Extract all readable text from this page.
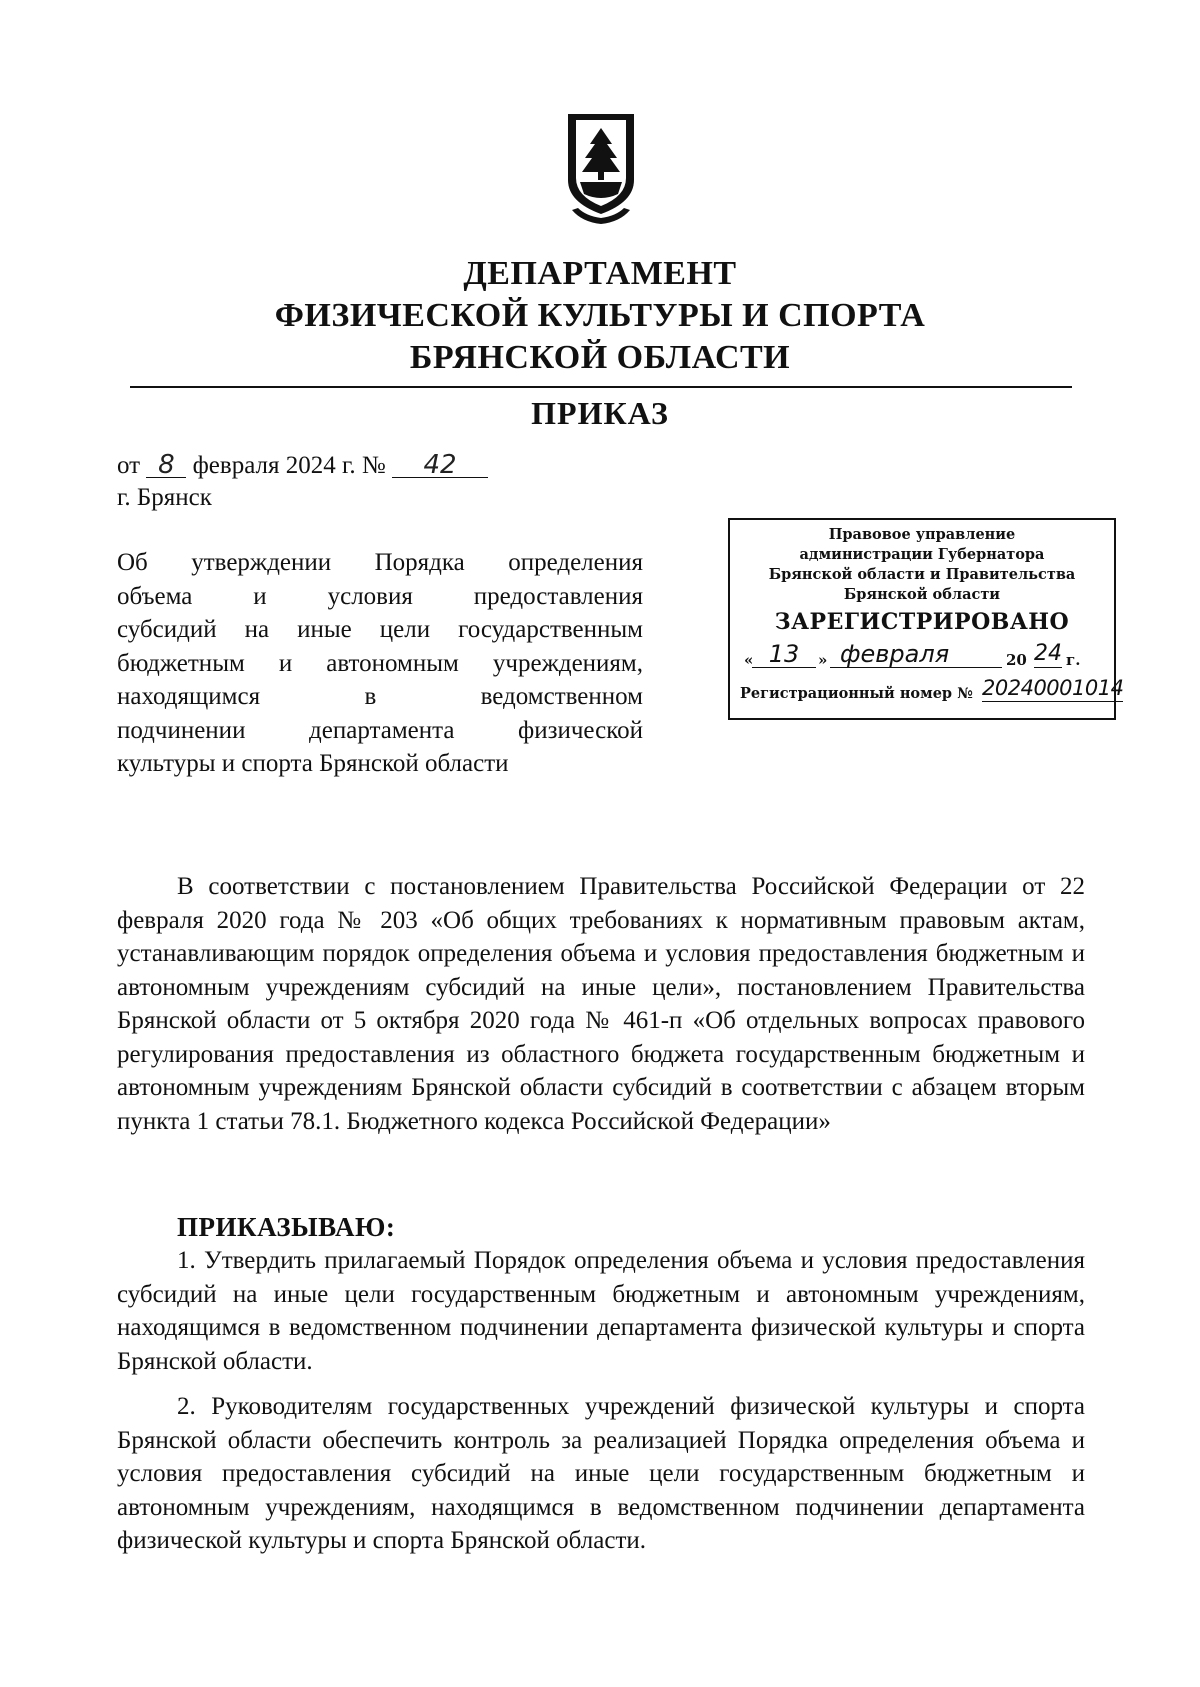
ДЕПАРТАМЕНТ
ФИЗИЧЕСКОЙ КУЛЬТУРЫ И СПОРТА
БРЯНСКОЙ ОБЛАСТИ
ПРИКАЗ
от 8 февраля 2024 г. № 42
г. Брянск
Об утверждении Порядка определения
объема и условия предоставления
субсидий на иные цели государственным
бюджетным и автономным учреждениям,
находящимся в ведомственном
подчинении департамента физической
культуры и спорта Брянской области
Правовое управление
администрации Губернатора
Брянской области и Правительства
Брянской области
ЗАРЕГИСТРИРОВАНО
« 13	» февраля	20 24 г.
Регистрационный номер № 20240001014
В соответствии с постановлением Правительства Российской Федерации от 22 февраля 2020 года № 203 «Об общих требованиях к нормативным правовым актам, устанавливающим порядок определения объема и условия предоставления бюджетным и автономным учреждениям субсидий на иные цели», постановлением Правительства Брянской области от 5 октября 2020 года № 461-п «Об отдельных вопросах правового регулирования предоставления из областного бюджета государственным бюджетным и автономным учреждениям Брянской области субсидий в соответствии с абзацем вторым пункта 1 статьи 78.1. Бюджетного кодекса Российской Федерации»
ПРИКАЗЫВАЮ:
1. Утвердить прилагаемый Порядок определения объема и условия предоставления субсидий на иные цели государственным бюджетным и автономным учреждениям, находящимся в ведомственном подчинении департамента физической культуры и спорта Брянской области.
2. Руководителям государственных учреждений физической культуры и спорта Брянской области обеспечить контроль за реализацией Порядка определения объема и условия предоставления субсидий на иные цели государственным бюджетным и автономным учреждениям, находящимся в ведомственном подчинении департамента физической культуры и спорта Брянской области.
